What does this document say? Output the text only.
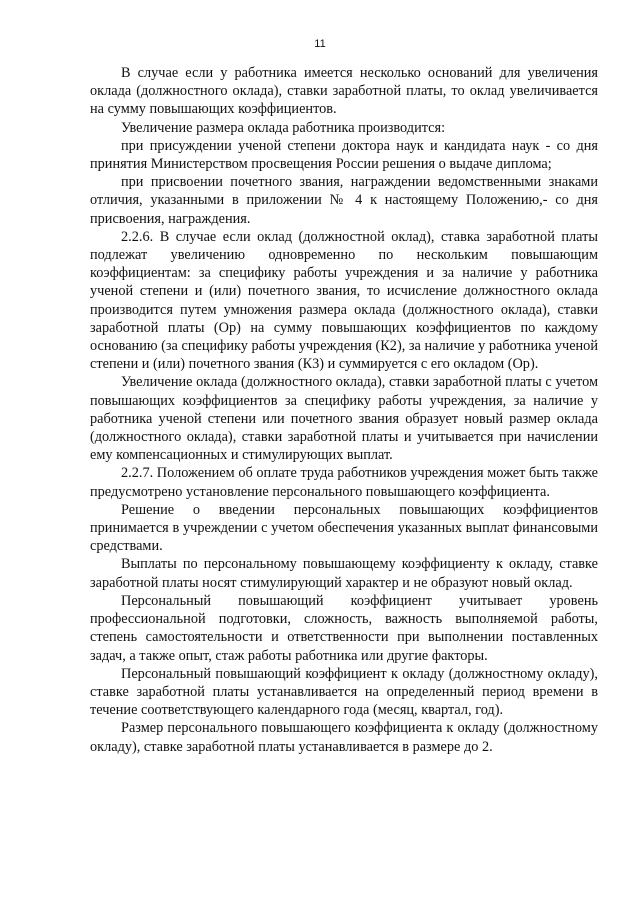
11

В случае если у работника имеется несколько оснований для увеличения оклада (должностного оклада), ставки заработной платы, то оклад увеличивается на сумму повышающих коэффициентов.

Увеличение размера оклада работника производится:

при присуждении ученой степени доктора наук и кандидата наук - со дня принятия Министерством просвещения России решения о выдаче диплома;

при присвоении почетного звания, награждении ведомственными знаками отличия, указанными в приложении № 4 к настоящему Положению,- со дня присвоения, награждения.

2.2.6. В случае если оклад (должностной оклад), ставка заработной платы подлежат увеличению одновременно по нескольким повышающим коэффициентам: за специфику работы учреждения и за наличие у работника ученой степени и (или) почетного звания, то исчисление должностного оклада производится путем умножения размера оклада (должностного оклада), ставки заработной платы (Ор) на сумму повышающих коэффициентов по каждому основанию (за специфику работы учреждения (К2), за наличие у работника ученой степени и (или) почетного звания (К3) и суммируется с его окладом (Ор).

Увеличение оклада (должностного оклада), ставки заработной платы с учетом повышающих коэффициентов за специфику работы учреждения, за наличие у работника ученой степени или почетного звания образует новый размер оклада (должностного оклада), ставки заработной платы и учитывается при начислении ему компенсационных и стимулирующих выплат.

2.2.7. Положением об оплате труда работников учреждения может быть также предусмотрено установление персонального повышающего коэффициента.

Решение о введении персональных повышающих коэффициентов принимается в учреждении с учетом обеспечения указанных выплат финансовыми средствами.

Выплаты по персональному повышающему коэффициенту к окладу, ставке заработной платы носят стимулирующий характер и не образуют новый оклад.

Персональный повышающий коэффициент учитывает уровень профессиональной подготовки, сложность, важность выполняемой работы, степень самостоятельности и ответственности при выполнении поставленных задач, а также опыт, стаж работы работника или другие факторы.

Персональный повышающий коэффициент к окладу (должностному окладу), ставке заработной платы устанавливается на определенный период времени в течение соответствующего календарного года (месяц, квартал, год).

Размер персонального повышающего коэффициента к окладу (должностному окладу), ставке заработной платы устанавливается в размере до 2.
